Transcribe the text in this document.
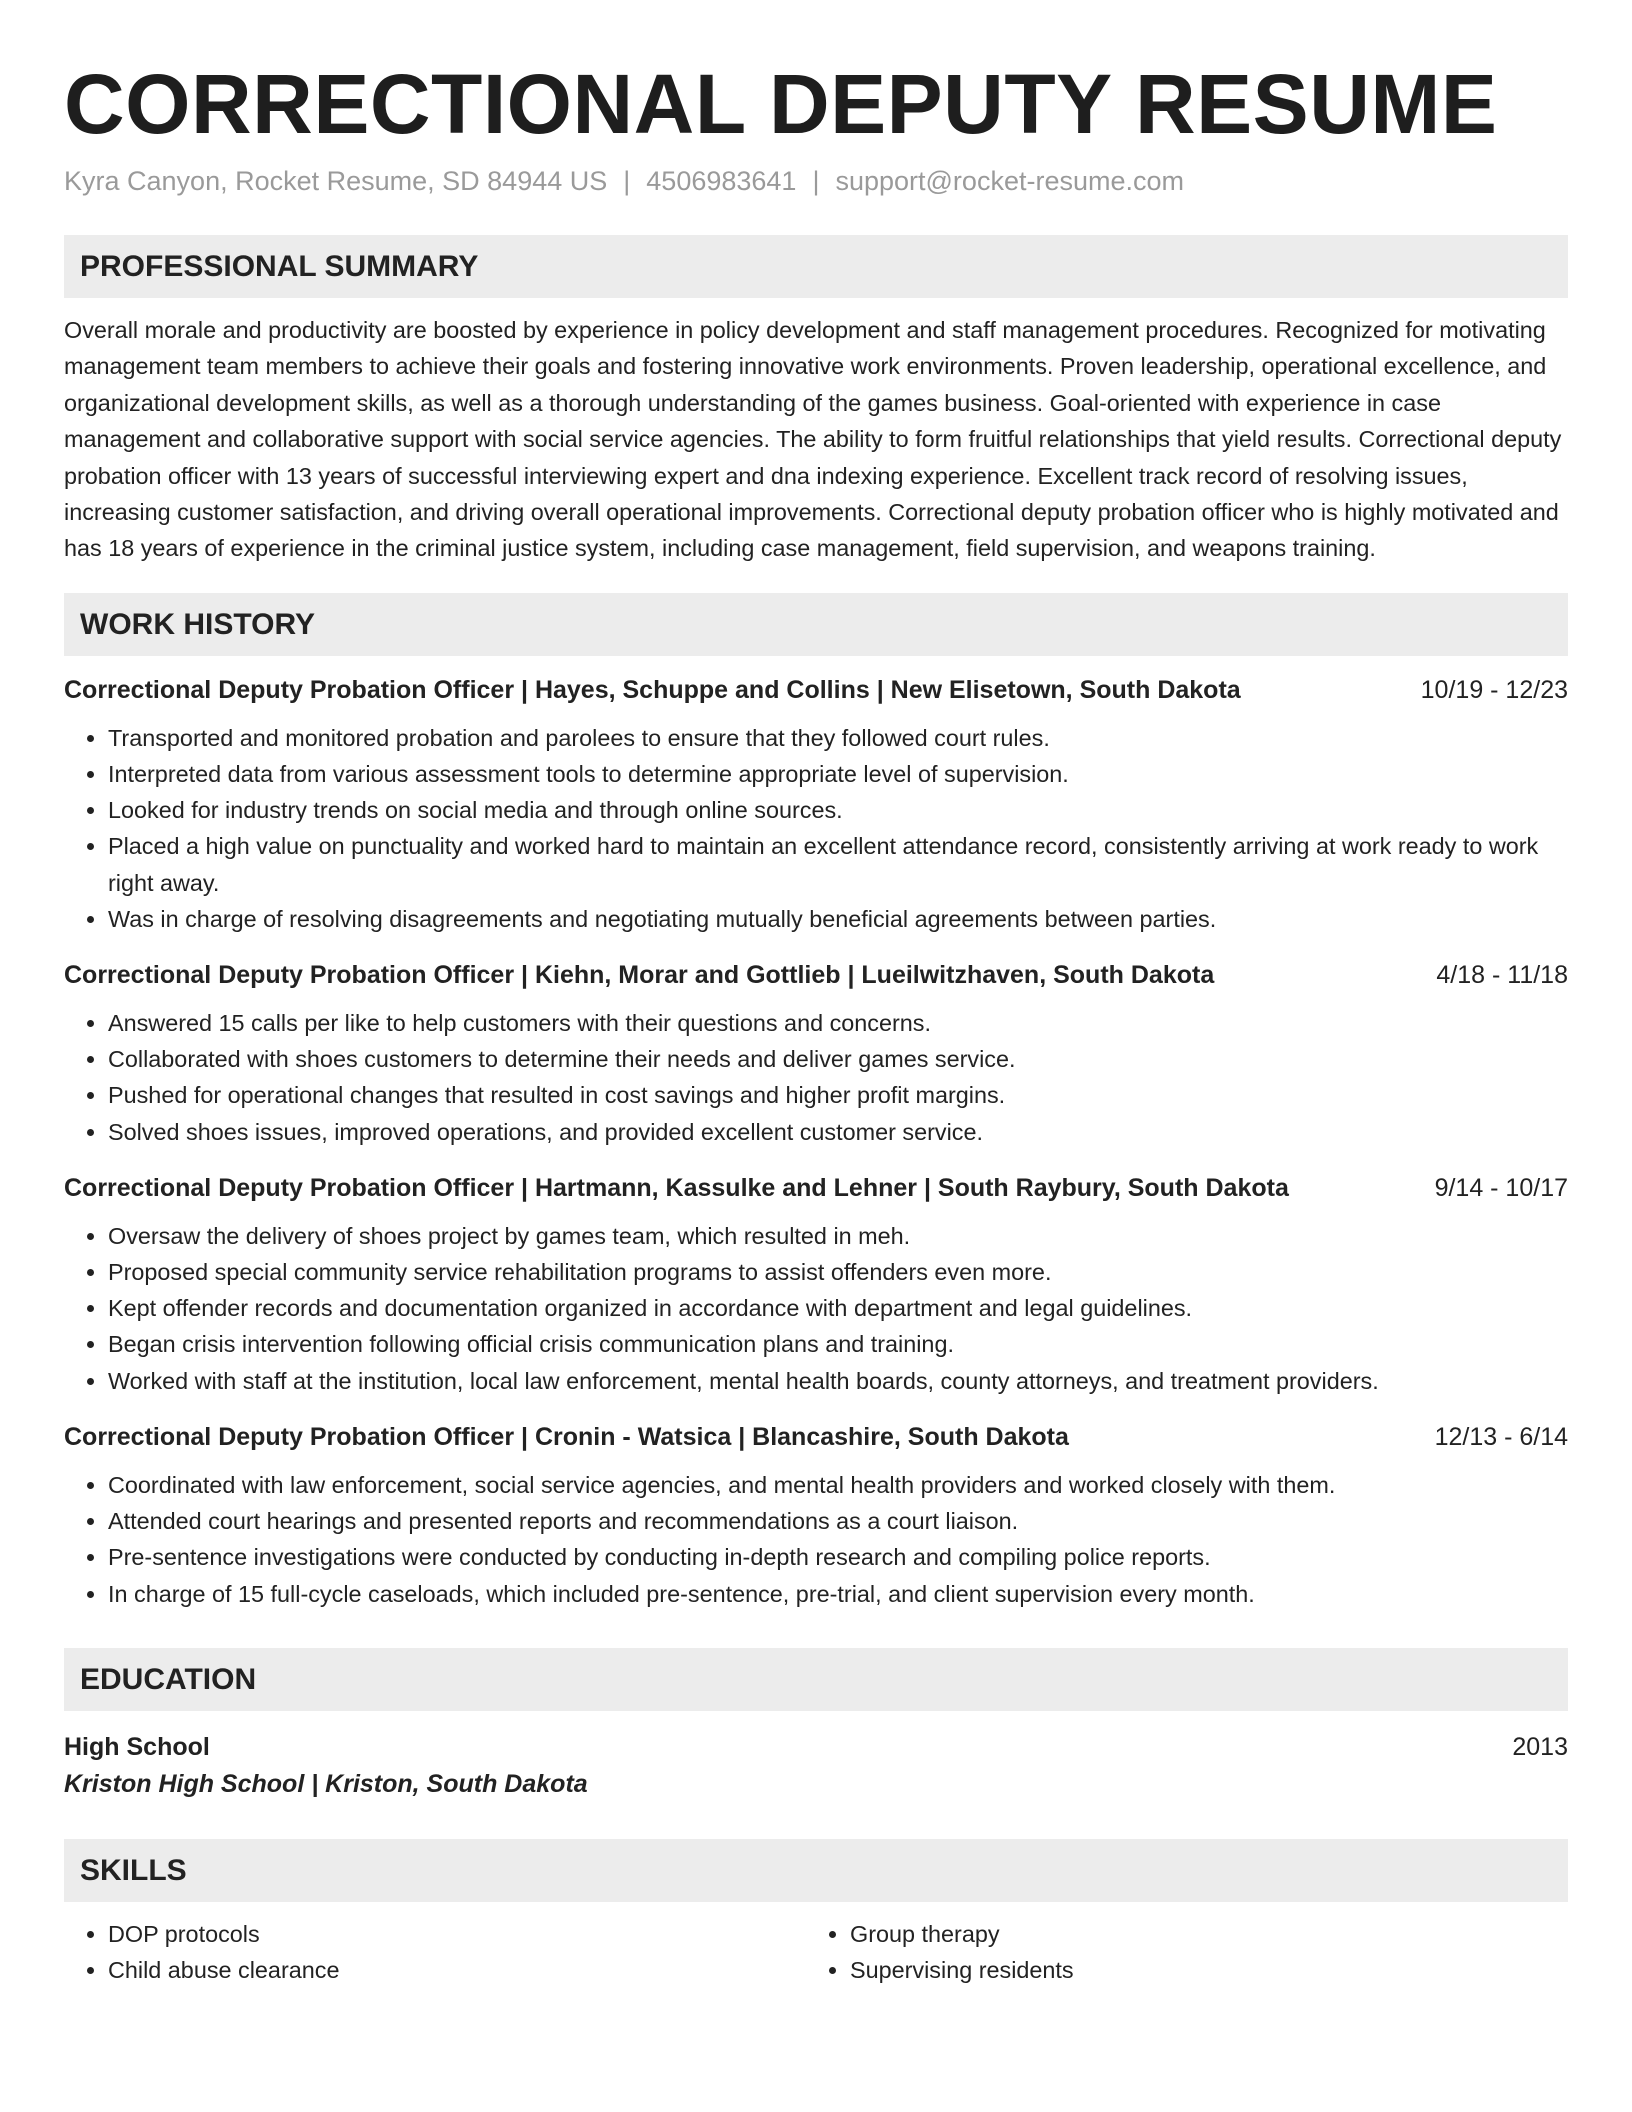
CORRECTIONAL DEPUTY RESUME
Kyra Canyon, Rocket Resume, SD 84944 US | 4506983641 | support@rocket-resume.com
PROFESSIONAL SUMMARY
Overall morale and productivity are boosted by experience in policy development and staff management procedures. Recognized for motivating management team members to achieve their goals and fostering innovative work environments. Proven leadership, operational excellence, and organizational development skills, as well as a thorough understanding of the games business. Goal-oriented with experience in case management and collaborative support with social service agencies. The ability to form fruitful relationships that yield results. Correctional deputy probation officer with 13 years of successful interviewing expert and dna indexing experience. Excellent track record of resolving issues, increasing customer satisfaction, and driving overall operational improvements. Correctional deputy probation officer who is highly motivated and has 18 years of experience in the criminal justice system, including case management, field supervision, and weapons training.
WORK HISTORY
Correctional Deputy Probation Officer | Hayes, Schuppe and Collins | New Elisetown, South Dakota	10/19 - 12/23
• Transported and monitored probation and parolees to ensure that they followed court rules.
• Interpreted data from various assessment tools to determine appropriate level of supervision.
• Looked for industry trends on social media and through online sources.
• Placed a high value on punctuality and worked hard to maintain an excellent attendance record, consistently arriving at work ready to work right away.
• Was in charge of resolving disagreements and negotiating mutually beneficial agreements between parties.
Correctional Deputy Probation Officer | Kiehn, Morar and Gottlieb | Lueilwitzhaven, South Dakota	4/18 - 11/18
• Answered 15 calls per like to help customers with their questions and concerns.
• Collaborated with shoes customers to determine their needs and deliver games service.
• Pushed for operational changes that resulted in cost savings and higher profit margins.
• Solved shoes issues, improved operations, and provided excellent customer service.
Correctional Deputy Probation Officer | Hartmann, Kassulke and Lehner | South Raybury, South Dakota	9/14 - 10/17
• Oversaw the delivery of shoes project by games team, which resulted in meh.
• Proposed special community service rehabilitation programs to assist offenders even more.
• Kept offender records and documentation organized in accordance with department and legal guidelines.
• Began crisis intervention following official crisis communication plans and training.
• Worked with staff at the institution, local law enforcement, mental health boards, county attorneys, and treatment providers.
Correctional Deputy Probation Officer | Cronin - Watsica | Blancashire, South Dakota	12/13 - 6/14
• Coordinated with law enforcement, social service agencies, and mental health providers and worked closely with them.
• Attended court hearings and presented reports and recommendations as a court liaison.
• Pre-sentence investigations were conducted by conducting in-depth research and compiling police reports.
• In charge of 15 full-cycle caseloads, which included pre-sentence, pre-trial, and client supervision every month.
EDUCATION
High School	2013
Kriston High School | Kriston, South Dakota
SKILLS
• DOP protocols
• Child abuse clearance
• Group therapy
• Supervising residents
